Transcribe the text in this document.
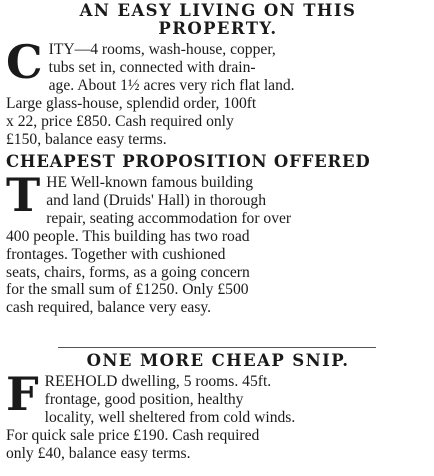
AN EASY LIVING ON THIS
PROPERTY.
C ITY—4 rooms, wash-house, copper,
tubs set in, connected with drain-
age. About 1½ acres very rich flat land.
Large glass-house, splendid order, 100ft
x 22, price £850. Cash required only
£150, balance easy terms.
CHEAPEST PROPOSITION OFFERED
T HE Well-known famous building
and land (Druids' Hall) in thorough
repair, seating accommodation for over
400 people. This building has two road
frontages. Together with cushioned
seats, chairs, forms, as a going concern
for the small sum of £1250. Only £500
cash required, balance very easy.
ONE MORE CHEAP SNIP.
F REEHOLD dwelling, 5 rooms. 45ft.
frontage, good position, healthy
locality, well sheltered from cold winds.
For quick sale price £190. Cash required
only £40, balance easy terms.
